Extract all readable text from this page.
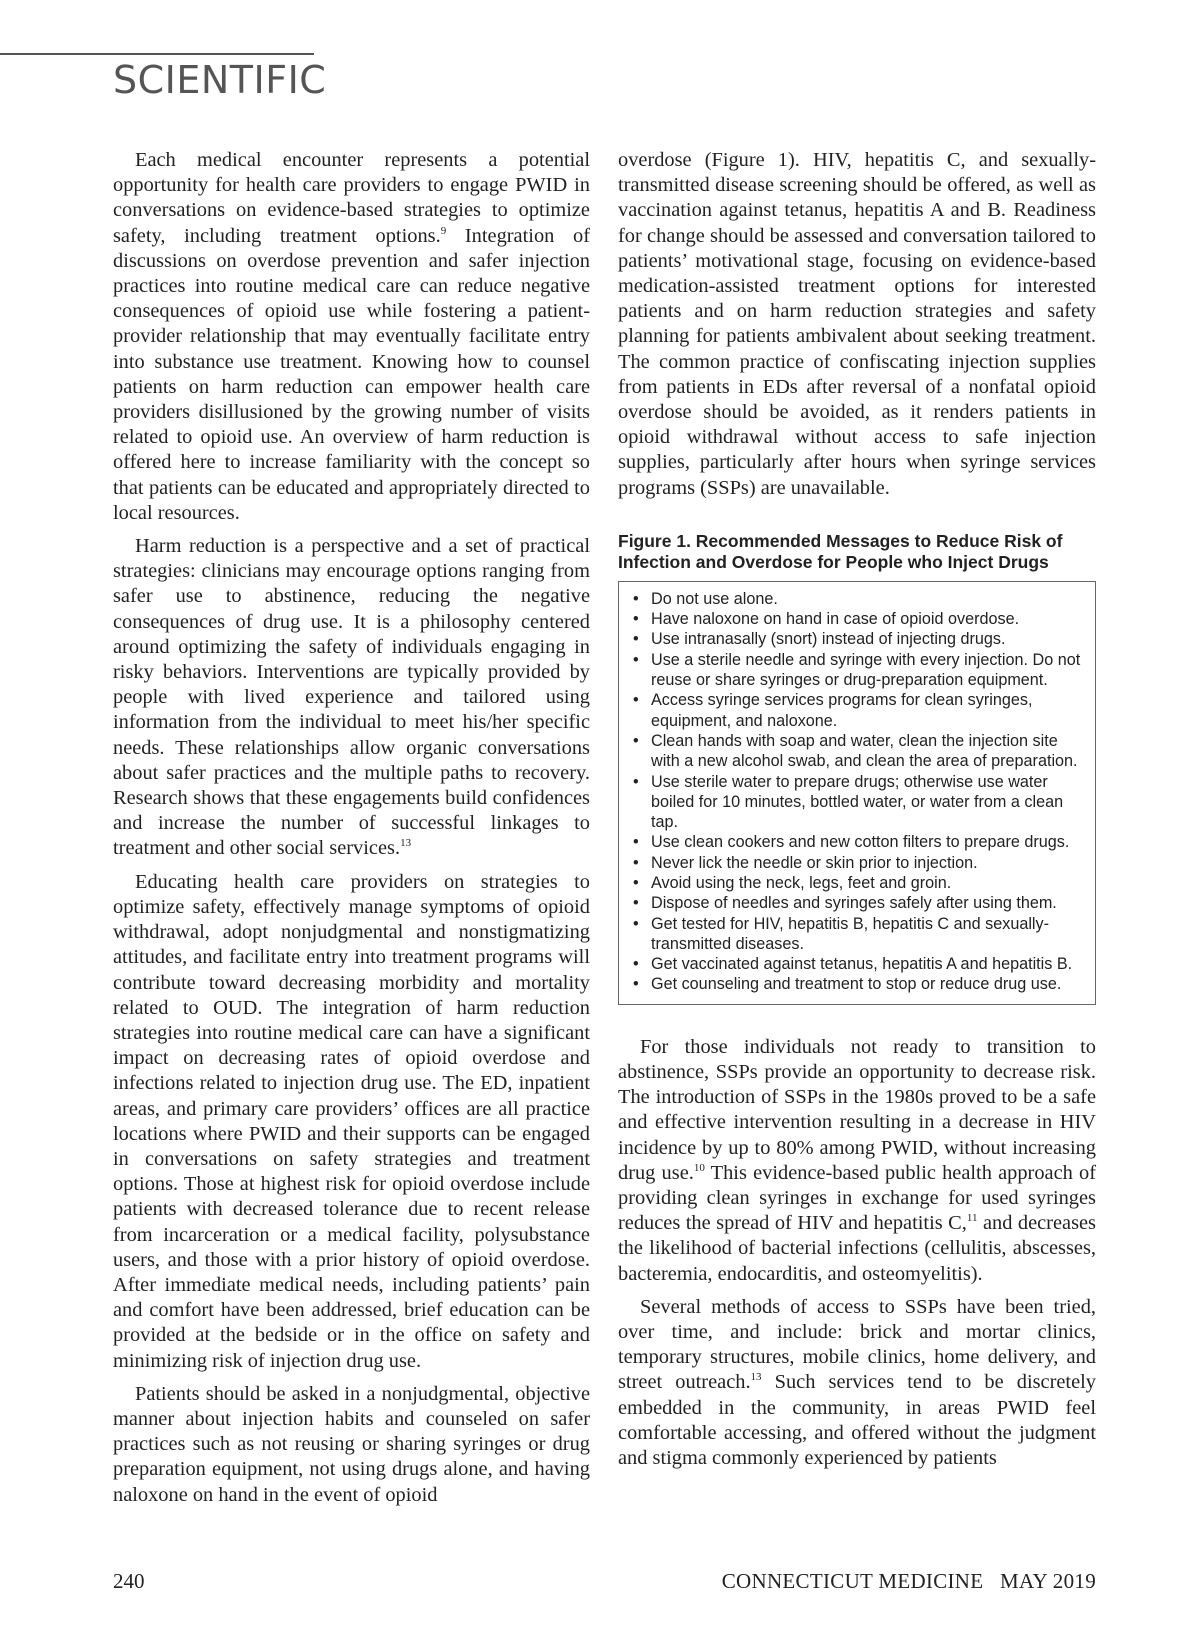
SCIENTIFIC

Each medical encounter represents a potential opportunity for health care providers to engage PWID in conversations on evidence-based strategies to optimize safety, including treatment options.$^9$ Integration of discussions on overdose prevention and safer injection practices into routine medical care can reduce negative consequences of opioid use while fostering a patient-provider relationship that may eventually facilitate entry into substance use treatment. Knowing how to counsel patients on harm reduction can empower health care providers disillusioned by the growing number of visits related to opioid use. An overview of harm reduction is offered here to increase familiarity with the concept so that patients can be educated and appropriately directed to local resources.

Harm reduction is a perspective and a set of practical strategies: clinicians may encourage options ranging from safer use to abstinence, reducing the negative consequences of drug use. It is a philosophy centered around optimizing the safety of individuals engaging in risky behaviors. Interventions are typically provided by people with lived experience and tailored using information from the individual to meet his/her specific needs. These relationships allow organic conversations about safer practices and the multiple paths to recovery. Research shows that these engagements build confidences and increase the number of successful linkages to treatment and other social services.$^{13}$

Educating health care providers on strategies to optimize safety, effectively manage symptoms of opioid withdrawal, adopt nonjudgmental and nonstigmatizing attitudes, and facilitate entry into treatment programs will contribute toward decreasing morbidity and mortality related to OUD. The integration of harm reduction strategies into routine medical care can have a significant impact on decreasing rates of opioid overdose and infections related to injection drug use. The ED, inpatient areas, and primary care providers’ offices are all practice locations where PWID and their supports can be engaged in conversations on safety strategies and treatment options. Those at highest risk for opioid overdose include patients with decreased tolerance due to recent release from incarceration or a medical facility, polysubstance users, and those with a prior history of opioid overdose. After immediate medical needs, including patients’ pain and comfort have been addressed, brief education can be provided at the bedside or in the office on safety and minimizing risk of injection drug use.

Patients should be asked in a nonjudgmental, objective manner about injection habits and counseled on safer practices such as not reusing or sharing syringes or drug preparation equipment, not using drugs alone, and having naloxone on hand in the event of opioid

overdose (Figure 1). HIV, hepatitis C, and sexually-transmitted disease screening should be offered, as well as vaccination against tetanus, hepatitis A and B. Readiness for change should be assessed and conversation tailored to patients’ motivational stage, focusing on evidence-based medication-assisted treatment options for interested patients and on harm reduction strategies and safety planning for patients ambivalent about seeking treatment. The common practice of confiscating injection supplies from patients in EDs after reversal of a nonfatal opioid overdose should be avoided, as it renders patients in opioid withdrawal without access to safe injection supplies, particularly after hours when syringe services programs (SSPs) are unavailable.

Figure 1. Recommended Messages to Reduce Risk of Infection and Overdose for People who Inject Drugs
• Do not use alone.
• Have naloxone on hand in case of opioid overdose.
• Use intranasally (snort) instead of injecting drugs.
• Use a sterile needle and syringe with every injection. Do not reuse or share syringes or drug-preparation equipment.
• Access syringe services programs for clean syringes, equipment, and naloxone.
• Clean hands with soap and water, clean the injection site with a new alcohol swab, and clean the area of preparation.
• Use sterile water to prepare drugs; otherwise use water boiled for 10 minutes, bottled water, or water from a clean tap.
• Use clean cookers and new cotton filters to prepare drugs.
• Never lick the needle or skin prior to injection.
• Avoid using the neck, legs, feet and groin.
• Dispose of needles and syringes safely after using them.
• Get tested for HIV, hepatitis B, hepatitis C and sexually-transmitted diseases.
• Get vaccinated against tetanus, hepatitis A and hepatitis B.
• Get counseling and treatment to stop or reduce drug use.

For those individuals not ready to transition to abstinence, SSPs provide an opportunity to decrease risk. The introduction of SSPs in the 1980s proved to be a safe and effective intervention resulting in a decrease in HIV incidence by up to 80% among PWID, without increasing drug use.$^{10}$ This evidence-based public health approach of providing clean syringes in exchange for used syringes reduces the spread of HIV and hepatitis C,$^{11}$ and decreases the likelihood of bacterial infections (cellulitis, abscesses, bacteremia, endocarditis, and osteomyelitis).

Several methods of access to SSPs have been tried, over time, and include: brick and mortar clinics, temporary structures, mobile clinics, home delivery, and street outreach.$^{13}$ Such services tend to be discretely embedded in the community, in areas PWID feel comfortable accessing, and offered without the judgment and stigma commonly experienced by patients

240	CONNECTICUT MEDICINE   MAY 2019
